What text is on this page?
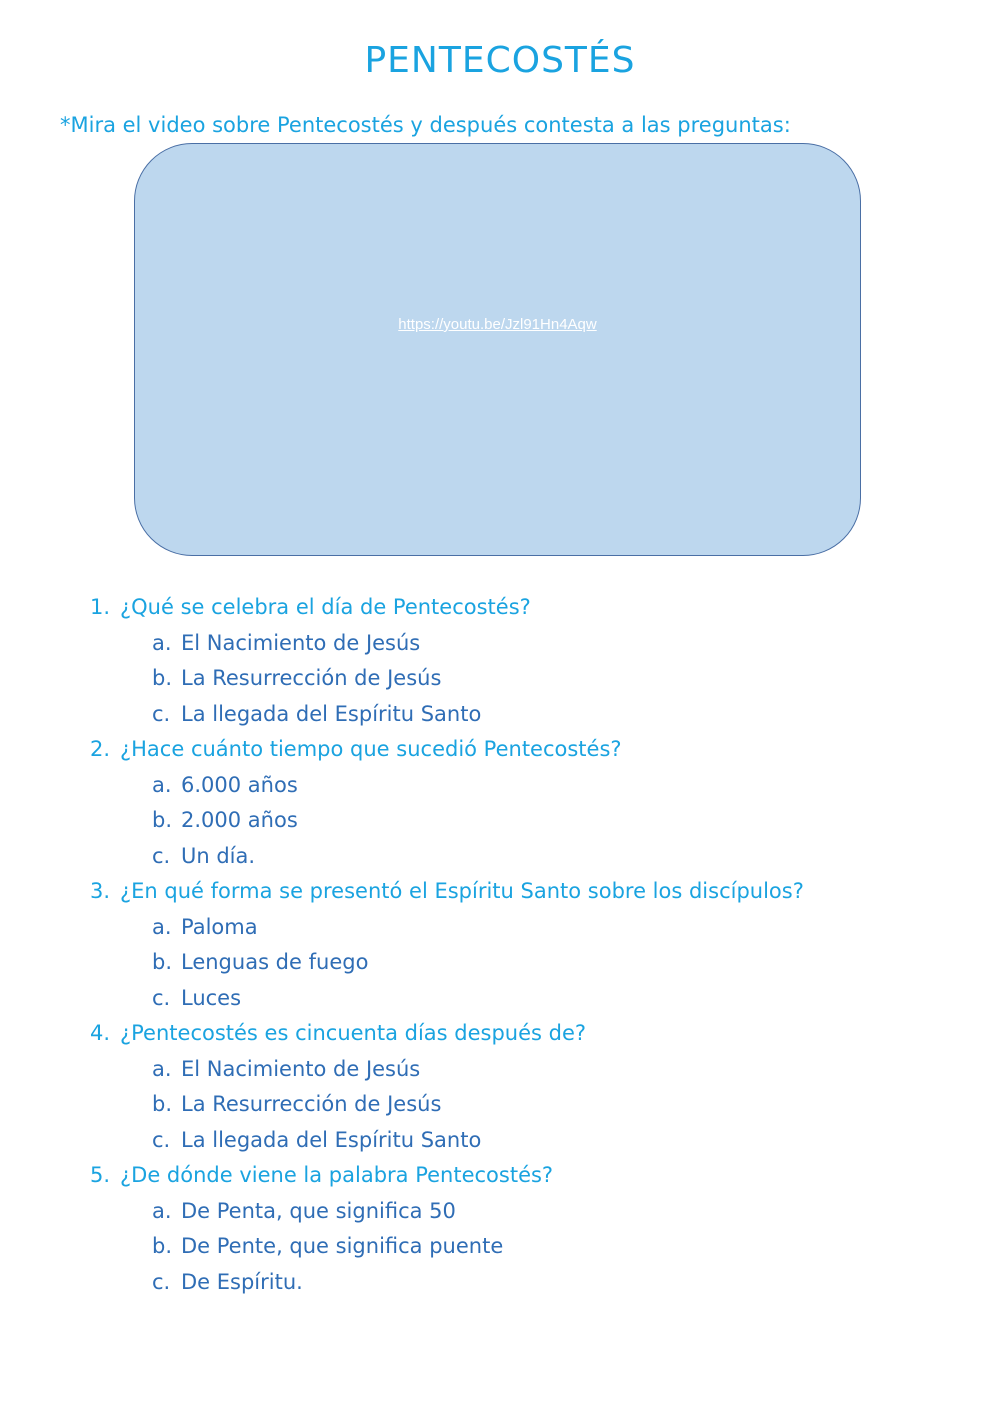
PENTECOSTÉS
*Mira el video sobre Pentecostés y después contesta a las preguntas:
https://youtu.be/Jzl91Hn4Aqw
1. ¿Qué se celebra el día de Pentecostés?
a. El Nacimiento de Jesús
b. La Resurrección de Jesús
c. La llegada del Espíritu Santo
2. ¿Hace cuánto tiempo que sucedió Pentecostés?
a. 6.000 años
b. 2.000 años
c. Un día.
3. ¿En qué forma se presentó el Espíritu Santo sobre los discípulos?
a. Paloma
b. Lenguas de fuego
c. Luces
4. ¿Pentecostés es cincuenta días después de?
a. El Nacimiento de Jesús
b. La Resurrección de Jesús
c. La llegada del Espíritu Santo
5. ¿De dónde viene la palabra Pentecostés?
a. De Penta, que significa 50
b. De Pente, que significa puente
c. De Espíritu.
